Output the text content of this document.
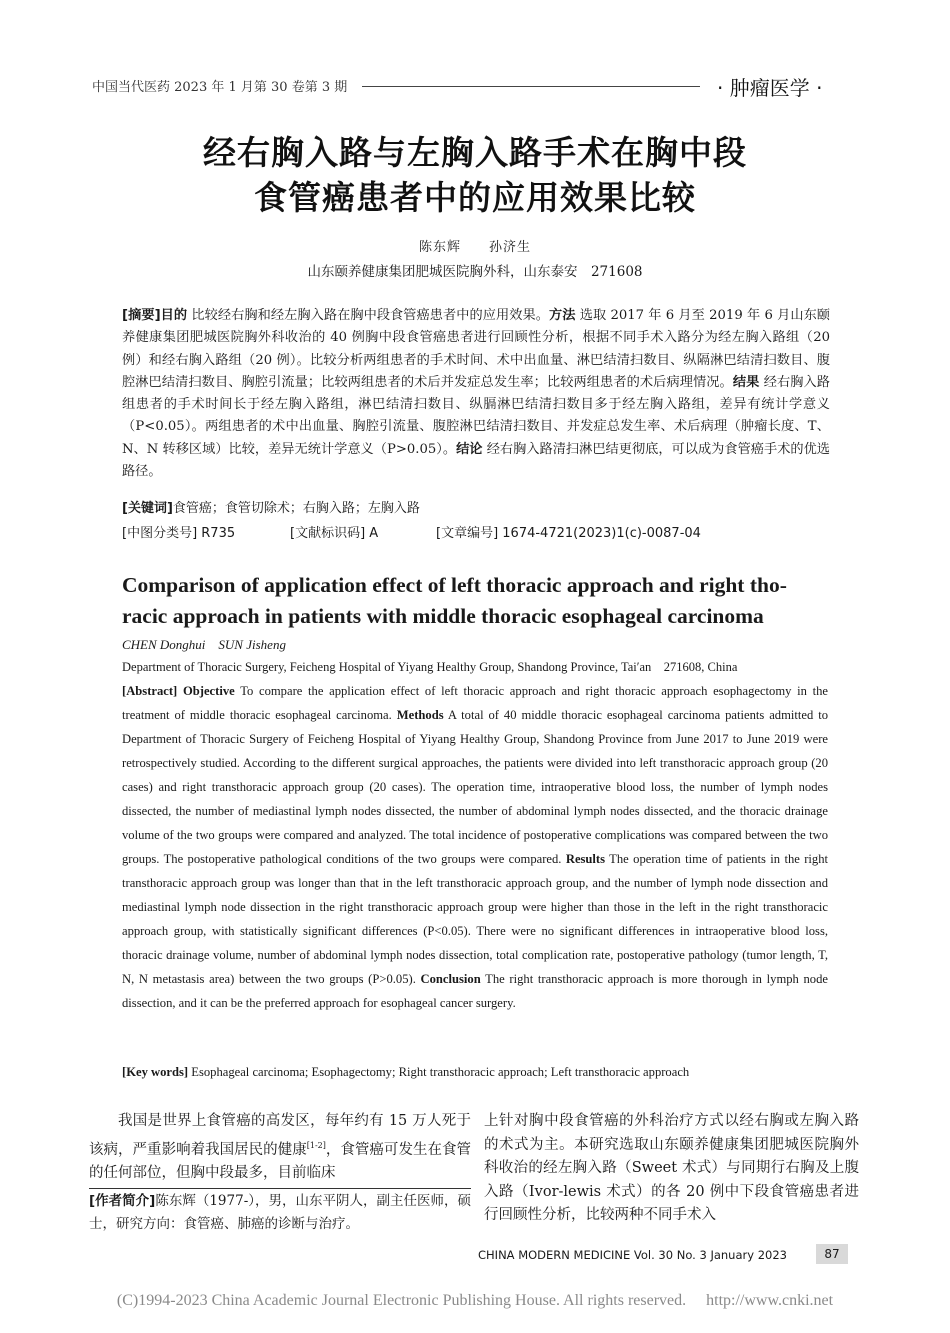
中国当代医药 2023 年 1 月第 30 卷第 3 期	· 肿瘤医学 ·
经右胸入路与左胸入路手术在胸中段
食管癌患者中的应用效果比较
陈东辉　　孙济生
山东颐养健康集团肥城医院胸外科，山东泰安　271608
[摘要]目的 比较经右胸和经左胸入路在胸中段食管癌患者中的应用效果。方法 选取 2017 年 6 月至 2019 年 6 月山东颐养健康集团肥城医院胸外科收治的 40 例胸中段食管癌患者进行回顾性分析，根据不同手术入路分为经左胸入路组（20 例）和经右胸入路组（20 例）。比较分析两组患者的手术时间、术中出血量、淋巴结清扫数目、纵隔淋巴结清扫数目、腹腔淋巴结清扫数目、胸腔引流量；比较两组患者的术后并发症总发生率；比较两组患者的术后病理情况。结果 经右胸入路组患者的手术时间长于经左胸入路组，淋巴结清扫数目、纵膈淋巴结清扫数目多于经左胸入路组，差异有统计学意义（P<0.05）。两组患者的术中出血量、胸腔引流量、腹腔淋巴结清扫数目、并发症总发生率、术后病理（肿瘤长度、T、N、N 转移区域）比较，差异无统计学意义（P>0.05）。结论 经右胸入路清扫淋巴结更彻底，可以成为食管癌手术的优选路径。
[关键词]食管癌；食管切除术；右胸入路；左胸入路
[中图分类号] R735	[文献标识码] A	[文章编号] 1674-4721(2023)1(c)-0087-04
Comparison of application effect of left thoracic approach and right tho-
racic approach in patients with middle thoracic esophageal carcinoma
CHEN Donghui　SUN Jisheng
Department of Thoracic Surgery, Feicheng Hospital of Yiyang Healthy Group, Shandong Province, Tai′an　271608, China
[Abstract] Objective To compare the application effect of left thoracic approach and right thoracic approach esophagectomy in the treatment of middle thoracic esophageal carcinoma. Methods A total of 40 middle thoracic esophageal carcinoma patients admitted to Department of Thoracic Surgery of Feicheng Hospital of Yiyang Healthy Group, Shandong Province from June 2017 to June 2019 were retrospectively studied. According to the different surgical approaches, the patients were divided into left transthoracic approach group (20 cases) and right transthoracic approach group (20 cases). The operation time, intraoperative blood loss, the number of lymph nodes dissected, the number of mediastinal lymph nodes dissected, the number of abdominal lymph nodes dissected, and the thoracic drainage volume of the two groups were compared and analyzed. The total incidence of postoperative complications was compared between the two groups. The postoperative pathological conditions of the two groups were compared. Results The operation time of patients in the right transthoracic approach group was longer than that in the left transthoracic approach group, and the number of lymph node dissection and mediastinal lymph node dissection in the right transthoracic approach group were higher than those in the left in the right transthoracic approach group, with statistically significant differences (P<0.05). There were no significant differences in intraoperative blood loss, thoracic drainage volume, number of abdominal lymph nodes dissection, total complication rate, postoperative pathology (tumor length, T, N, N metastasis area) between the two groups (P>0.05). Conclusion The right transthoracic approach is more thorough in lymph node dissection, and it can be the preferred approach for esophageal cancer surgery.
[Key words] Esophageal carcinoma; Esophagectomy; Right transthoracic approach; Left transthoracic approach
我国是世界上食管癌的高发区，每年约有 15 万人死于该病，严重影响着我国居民的健康[1-2]，食管癌可发生在食管的任何部位，但胸中段最多，目前临床
[作者简介]陈东辉（1977-），男，山东平阴人，副主任医师，硕士，研究方向：食管癌、肺癌的诊断与治疗。
上针对胸中段食管癌的外科治疗方式以经右胸或左胸入路的术式为主。本研究选取山东颐养健康集团肥城医院胸外科收治的经左胸入路（Sweet 术式）与同期行右胸及上腹入路（Ivor-lewis 术式）的各 20 例中下段食管癌患者进行回顾性分析，比较两种不同手术入
CHINA MODERN MEDICINE Vol. 30 No. 3 January 2023	87
(C)1994-2023 China Academic Journal Electronic Publishing House. All rights reserved.　 http://www.cnki.net
